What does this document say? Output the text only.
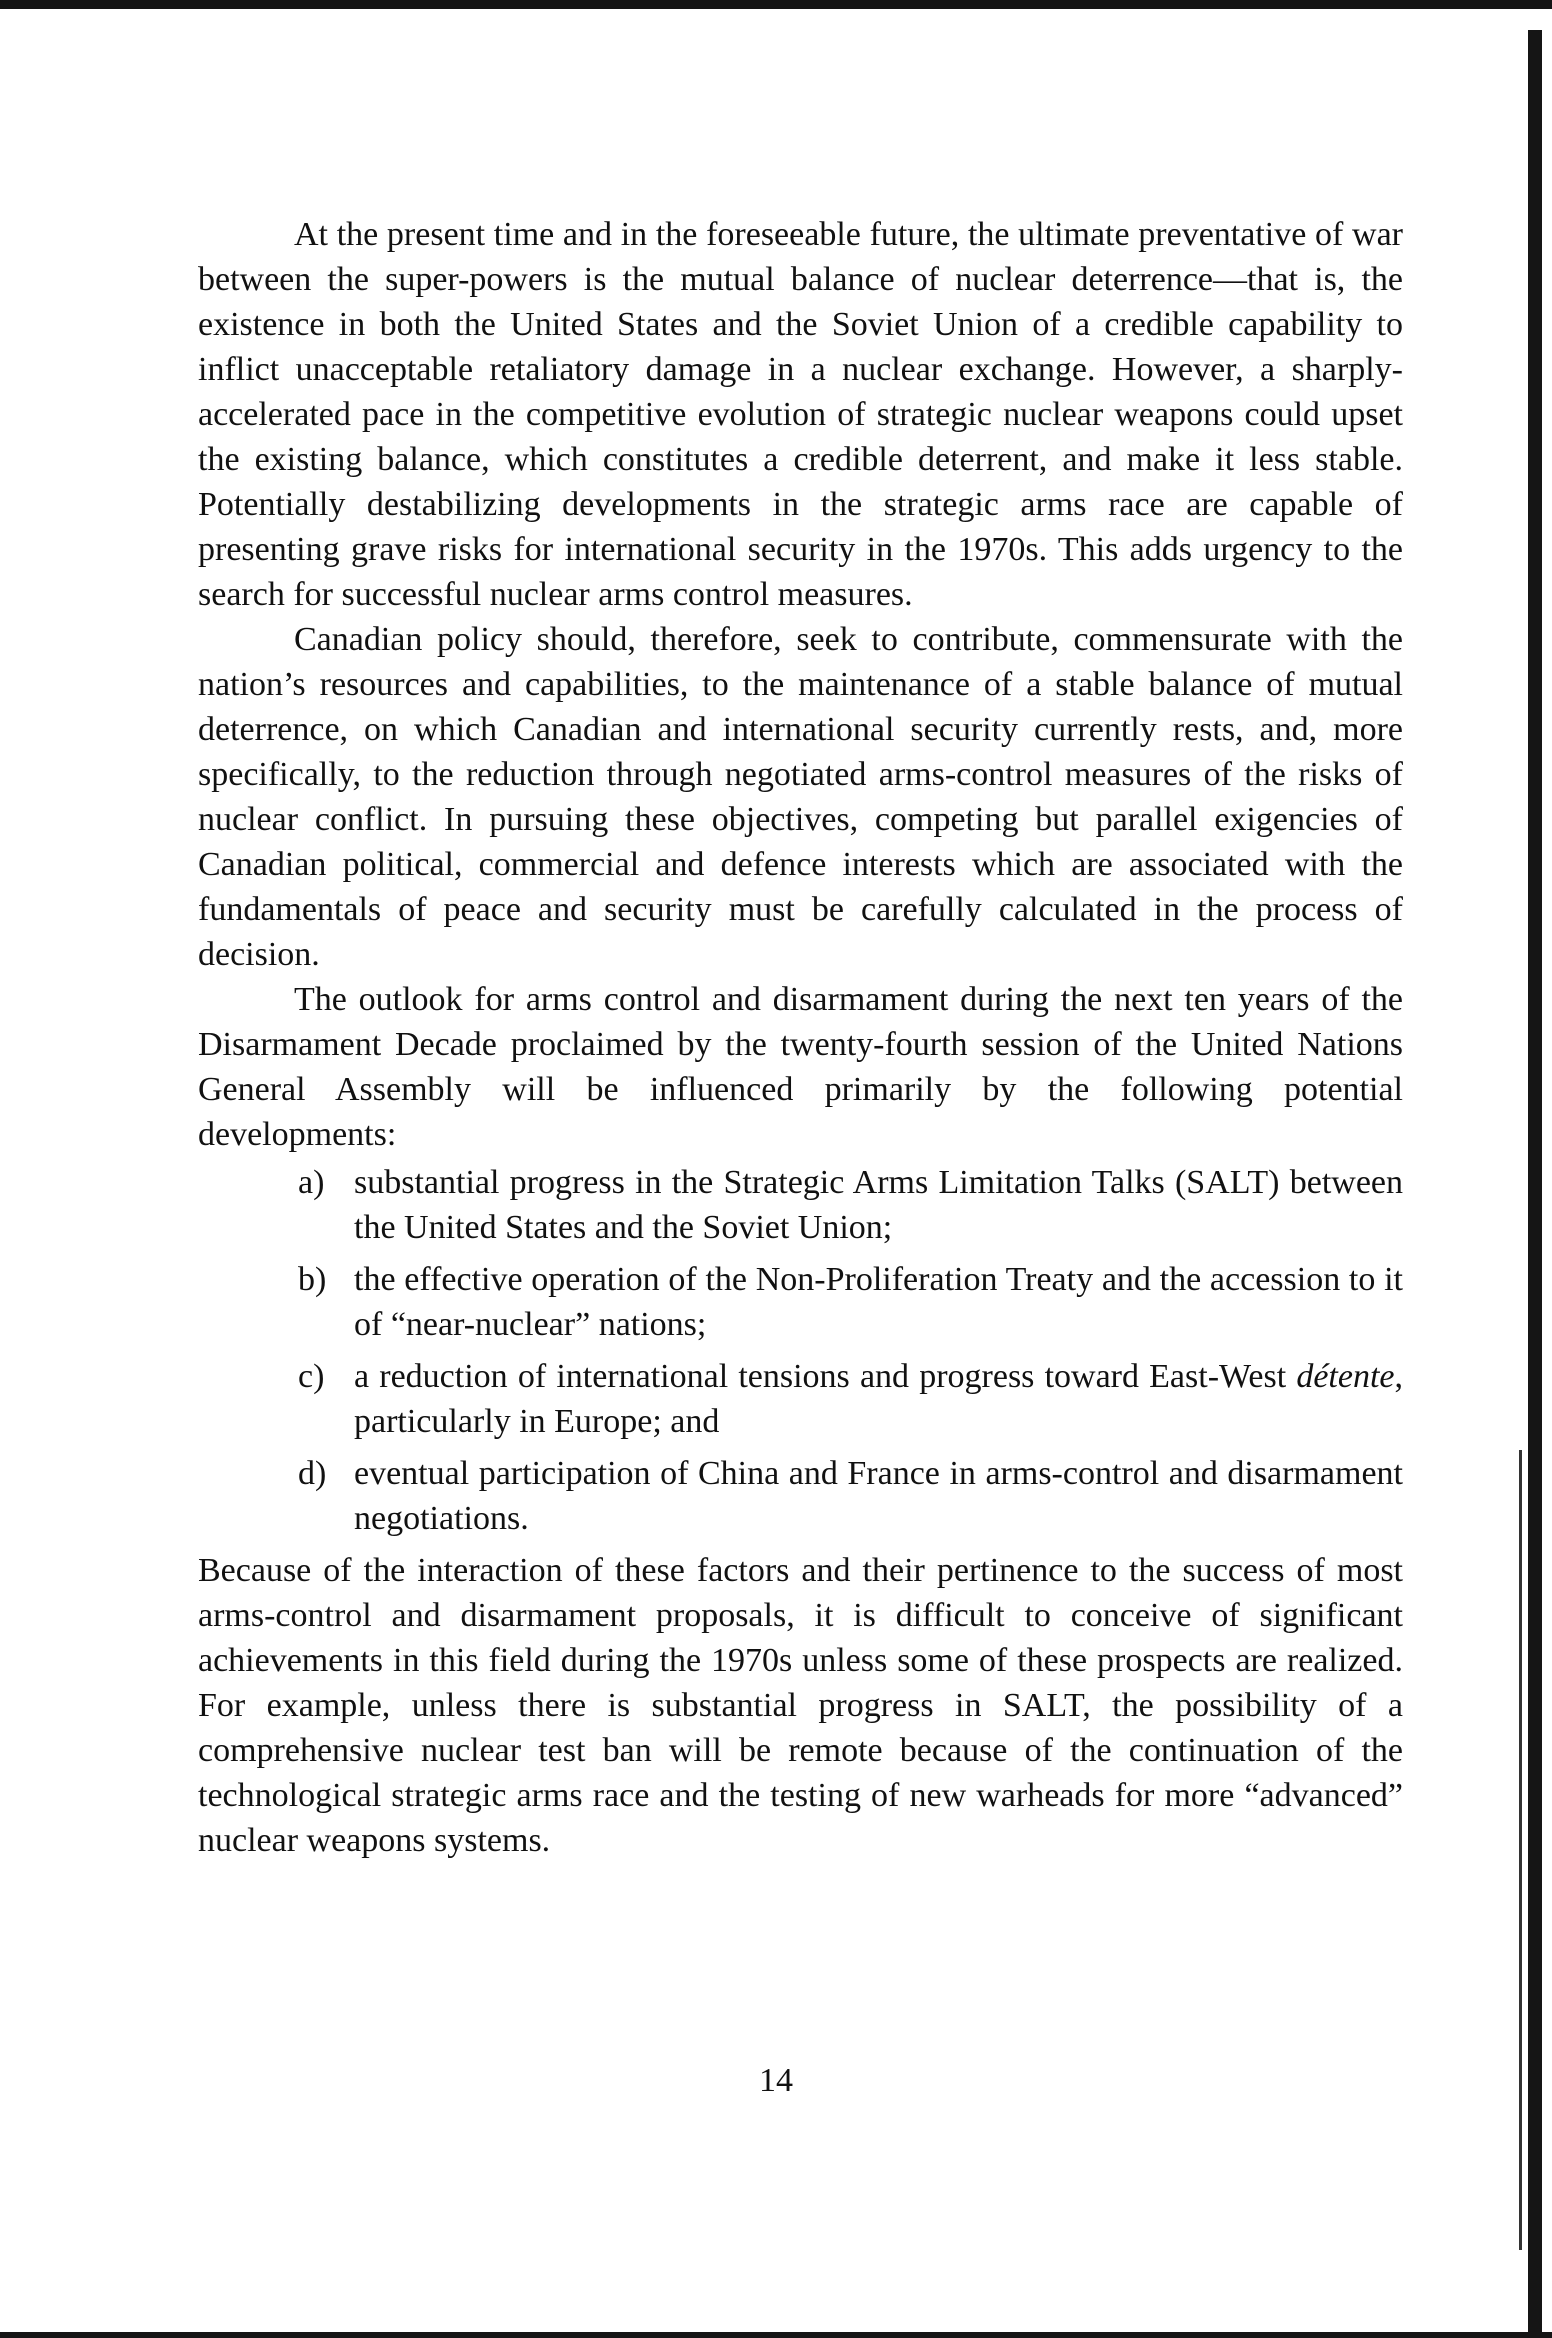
At the present time and in the foreseeable future, the ultimate preventative of war between the super-powers is the mutual balance of nuclear deterrence—that is, the existence in both the United States and the Soviet Union of a credible capability to inflict unacceptable retaliatory damage in a nuclear exchange. However, a sharply-accelerated pace in the competitive evolution of strategic nuclear weapons could upset the existing balance, which constitutes a credible deterrent, and make it less stable. Potentially destabilizing developments in the strategic arms race are capable of presenting grave risks for international security in the 1970s. This adds urgency to the search for successful nuclear arms control measures.

Canadian policy should, therefore, seek to contribute, commensurate with the nation’s resources and capabilities, to the maintenance of a stable balance of mutual deterrence, on which Canadian and international security currently rests, and, more specifically, to the reduction through negotiated arms-control measures of the risks of nuclear conflict. In pursuing these objectives, competing but parallel exigencies of Canadian political, commercial and defence interests which are associated with the fundamentals of peace and security must be carefully calculated in the process of decision.

The outlook for arms control and disarmament during the next ten years of the Disarmament Decade proclaimed by the twenty-fourth session of the United Nations General Assembly will be influenced primarily by the following potential developments:

a) substantial progress in the Strategic Arms Limitation Talks (SALT) between the United States and the Soviet Union;
b) the effective operation of the Non-Proliferation Treaty and the accession to it of “near-nuclear” nations;
c) a reduction of international tensions and progress toward East-West détente, particularly in Europe; and
d) eventual participation of China and France in arms-control and disarmament negotiations.

Because of the interaction of these factors and their pertinence to the success of most arms-control and disarmament proposals, it is difficult to conceive of significant achievements in this field during the 1970s unless some of these prospects are realized. For example, unless there is substantial progress in SALT, the possibility of a comprehensive nuclear test ban will be remote because of the continuation of the technological strategic arms race and the testing of new warheads for more “advanced” nuclear weapons systems.

14
